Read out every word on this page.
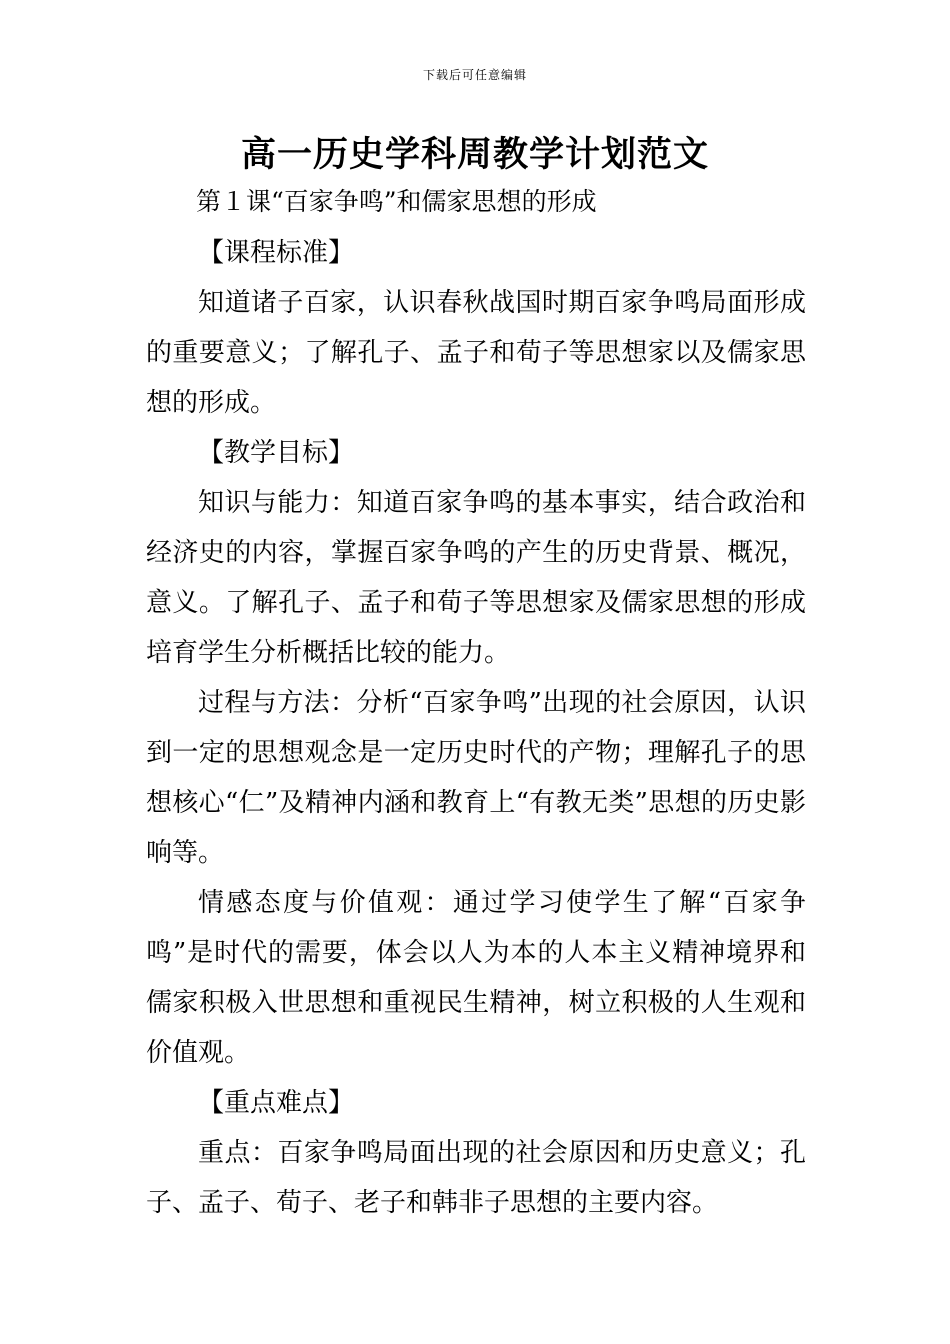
下载后可任意编辑
高一历史学科周教学计划范文
第１课“百家争鸣”和儒家思想的形成

【课程标准】

知道诸子百家，认识春秋战国时期百家争鸣局面形成的重要意义；了解孔子、孟子和荀子等思想家以及儒家思想的形成。

【教学目标】

知识与能力：知道百家争鸣的基本事实，结合政治和经济史的内容，掌握百家争鸣的产生的历史背景、概况，意义。了解孔子、孟子和荀子等思想家及儒家思想的形成培育学生分析概括比较的能力。

过程与方法：分析“百家争鸣”出现的社会原因，认识到一定的思想观念是一定历史时代的产物；理解孔子的思想核心“仁”及精神内涵和教育上“有教无类”思想的历史影响等。

情感态度与价值观：通过学习使学生了解“百家争鸣”是时代的需要，体会以人为本的人本主义精神境界和儒家积极入世思想和重视民生精神，树立积极的人生观和价值观。

【重点难点】

重点：百家争鸣局面出现的社会原因和历史意义；孔子、孟子、荀子、老子和韩非子思想的主要内容。
